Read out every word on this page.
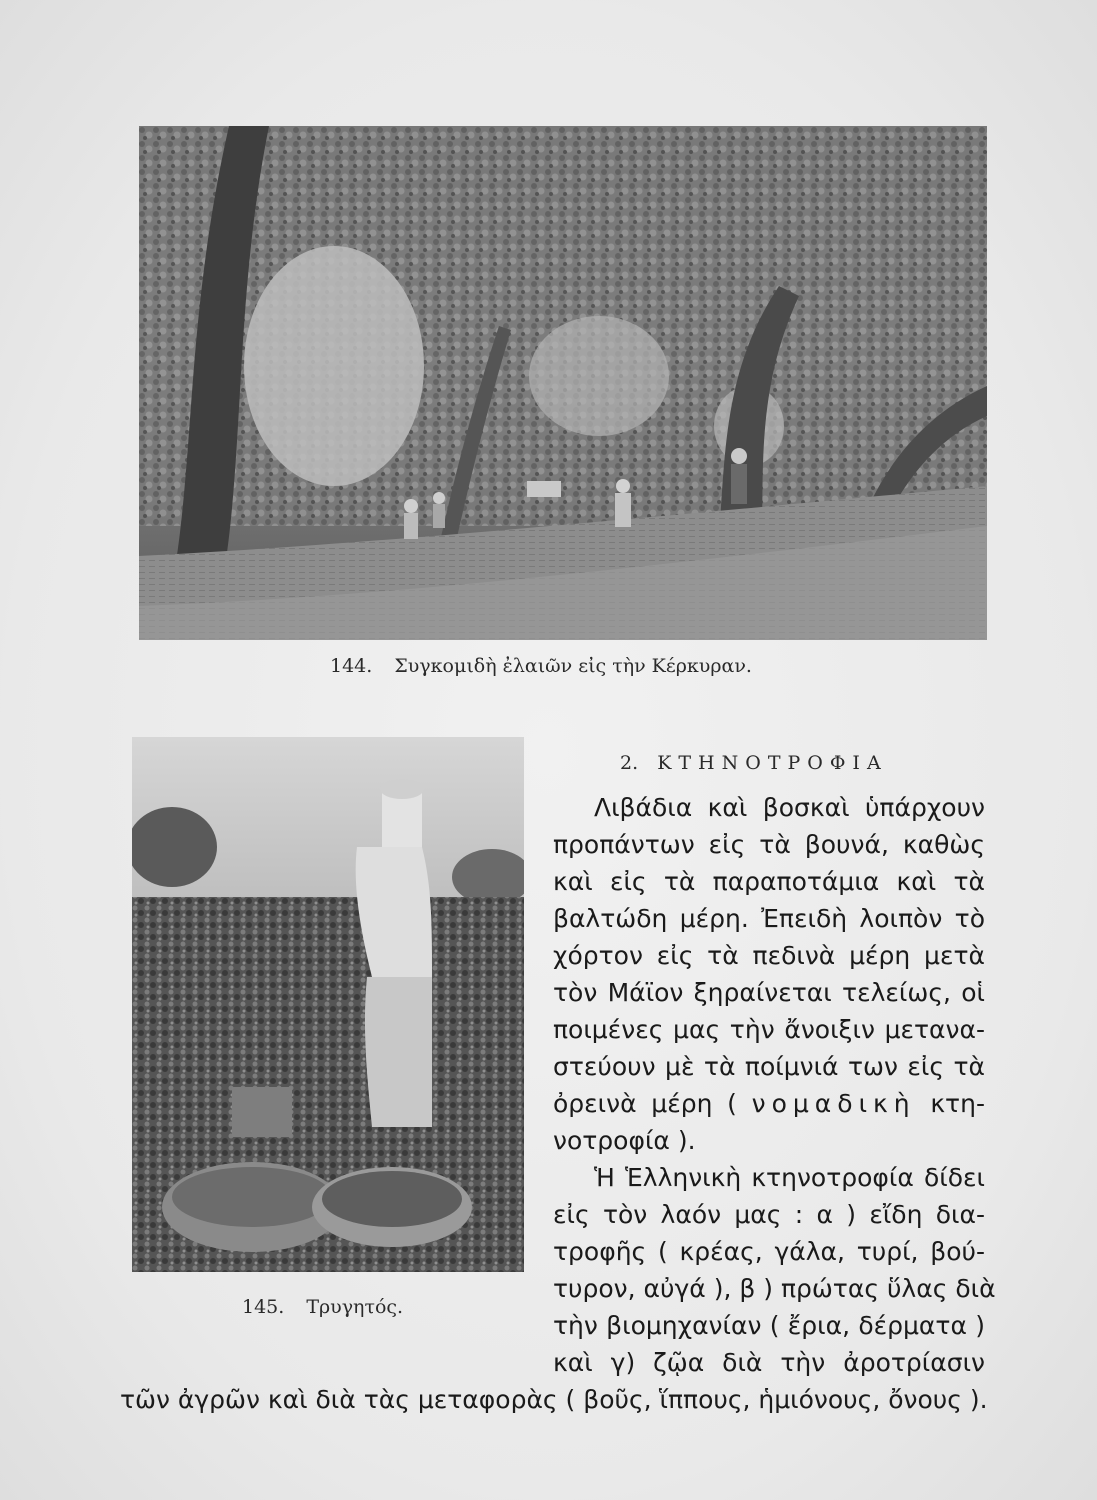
144. Συγκομιδὴ ἐλαιῶν εἰς τὴν Κέρκυραν.
145. Τρυγητός.
2. ΚΤΗΝΟΤΡΟΦΙΑ
Λιβάδια καὶ βοσκαὶ ὑπάρχουν
προπάντων εἰς τὰ βουνά, καθὼς
καὶ εἰς τὰ παραποτάμια καὶ τὰ
βαλτώδη μέρη. Ἐπειδὴ λοιπὸν τὸ
χόρτον εἰς τὰ πεδινὰ μέρη μετὰ
τὸν Μάϊον ξηραίνεται τελείως, οἱ
ποιμένες μας τὴν ἄνοιξιν μετανα-
στεύουν μὲ τὰ ποίμνιά των εἰς τὰ
ὀρεινὰ μέρη ( νομαδικὴ κτη-
νοτροφία ).
Ἡ Ἑλληνικὴ κτηνοτροφία δίδει
εἰς τὸν λαόν μας : α ) εἴδη δια-
τροφῆς ( κρέας, γάλα, τυρί, βού-
τυρον, αὐγά ), β ) πρώτας ὕλας διὰ
τὴν βιομηχανίαν ( ἔρια, δέρματα )
καὶ γ) ζῷα διὰ τὴν ἀροτρίασιν
τῶν ἀγρῶν καὶ διὰ τὰς μεταφορὰς ( βοῦς, ἵππους, ἡμιόνους, ὄνους ).
